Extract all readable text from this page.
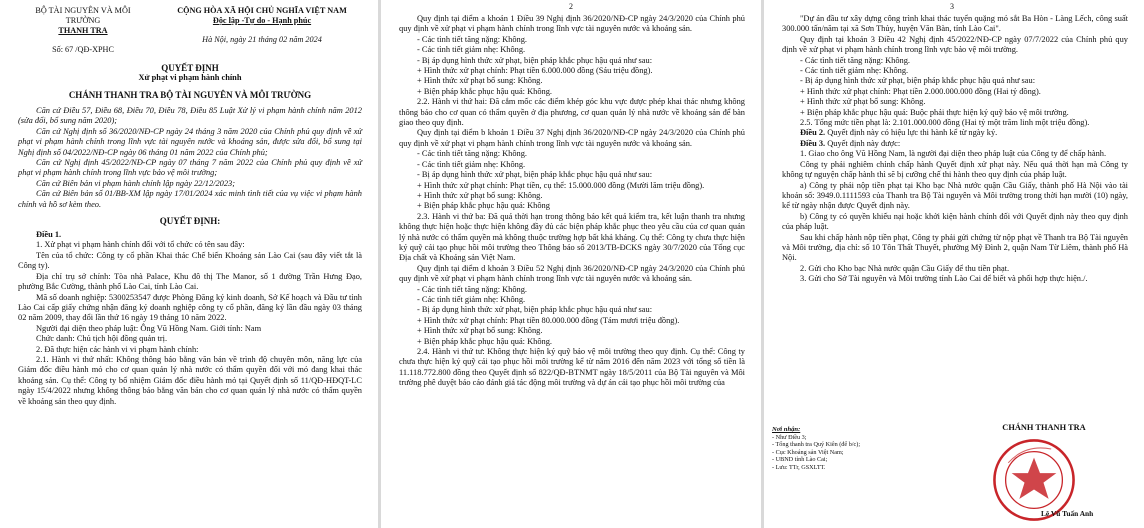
BỘ TÀI NGUYÊN VÀ MÔI TRƯỜNG
THANH TRA
Số: 67 /QĐ-XPHC
CỘNG HÒA XÃ HỘI CHỦ NGHĨA VIỆT NAM
Độc lập -Tự do - Hạnh phúc
Hà Nội, ngày 21 tháng 02 năm 2024
QUYẾT ĐỊNH
Xử phạt vi phạm hành chính
CHÁNH THANH TRA BỘ TÀI NGUYÊN VÀ MÔI TRƯỜNG

Căn cứ Điều 57, Điều 68, Điều 70, Điều 78, Điều 85 Luật Xử lý vi phạm hành chính năm 2012 (sửa đổi, bổ sung năm 2020);

Căn cứ Nghị định số 36/2020/NĐ-CP ngày 24 tháng 3 năm 2020 của Chính phủ quy định về xử phạt vi phạm hành chính trong lĩnh vực tài nguyên nước và khoáng sản, được sửa đổi, bổ sung tại Nghị định số 04/2022/NĐ-CP ngày 06 tháng 01 năm 2022 của Chính phủ;

Căn cứ Nghị định 45/2022/NĐ-CP ngày 07 tháng 7 năm 2022 của Chính phủ quy định về xử phạt vi phạm hành chính trong lĩnh vực bảo vệ môi trường;

Căn cứ Biên bản vi phạm hành chính lập ngày 22/12/2023;

Căn cứ Biên bản số 01/BB-XM lập ngày 17/01/2024 xác minh tình tiết của vụ việc vi phạm hành chính và hồ sơ kèm theo.

QUYẾT ĐỊNH:

Điều 1.

1. Xử phạt vi phạm hành chính đối với tổ chức có tên sau đây:

Tên của tổ chức: Công ty cổ phần Khai thác Chế biến Khoáng sản Lào Cai (sau đây viết tắt là Công ty).

Địa chỉ trụ sở chính: Tòa nhà Palace, Khu đô thị The Manor, số 1 đường Trần Hưng Đạo, phường Bắc Cường, thành phố Lào Cai, tỉnh Lào Cai.

Mã số doanh nghiệp: 5300253547 được Phòng Đăng ký kinh doanh, Sở Kế hoạch và Đầu tư tỉnh Lào Cai cấp giấy chứng nhận đăng ký doanh nghiệp công ty cổ phần, đăng ký lần đầu ngày 03 tháng 02 năm 2009, thay đổi lần thứ 16 ngày 19 tháng 10 năm 2022.

Người đại diện theo pháp luật: Ông Vũ Hồng Nam. Giới tính: Nam

Chức danh: Chủ tịch hội đồng quản trị.

2. Đã thực hiện các hành vi vi phạm hành chính:

2.1. Hành vi thứ nhất: Không thông báo bằng văn bản về trình độ chuyên môn, năng lực của Giám đốc điều hành mỏ cho cơ quan quản lý nhà nước có thẩm quyền đối với mỏ đang khai thác khoáng sản. Cụ thể: Công ty bổ nhiệm Giám đốc điều hành mỏ tại Quyết định số 11/QĐ-HĐQT-LC ngày 15/4/2022 nhưng không thông báo bằng văn bản cho cơ quan quản lý nhà nước có thẩm quyền về khoáng sản theo quy định.

2

Quy định tại điểm a khoản 1 Điều 39 Nghị định 36/2020/NĐ-CP ngày 24/3/2020 của Chính phủ quy định về xử phạt vi phạm hành chính trong lĩnh vực tài nguyên nước và khoáng sản.

- Các tình tiết tăng nặng: Không.

- Các tình tiết giảm nhẹ: Không.

- Bị áp dụng hình thức xử phạt, biện pháp khắc phục hậu quả như sau:

+ Hình thức xử phạt chính: Phạt tiền 6.000.000 đồng (Sáu triệu đồng).

+ Hình thức xử phạt bổ sung: Không.

+ Biện pháp khắc phục hậu quả: Không.

2.2. Hành vi thứ hai: Đã cắm mốc các điểm khép góc khu vực được phép khai thác nhưng không thông báo cho cơ quan có thẩm quyền ở địa phương, cơ quan quản lý nhà nước về khoáng sản để bàn giao theo quy định.

Quy định tại điểm b khoản 1 Điều 37 Nghị định 36/2020/NĐ-CP ngày 24/3/2020 của Chính phủ quy định về xử phạt vi phạm hành chính trong lĩnh vực tài nguyên nước và khoáng sản.

- Các tình tiết tăng nặng: Không.

- Các tình tiết giảm nhẹ: Không.

- Bị áp dụng hình thức xử phạt, biện pháp khắc phục hậu quả như sau:

+ Hình thức xử phạt chính: Phạt tiền, cụ thể: 15.000.000 đồng (Mười lăm triệu đồng).

+ Hình thức xử phạt bổ sung: Không.

+ Biện pháp khắc phục hậu quả: Không

2.3. Hành vi thứ ba: Đã quá thời hạn trong thông báo kết quả kiểm tra, kết luận thanh tra nhưng không thực hiện hoặc thực hiện không đầy đủ các biện pháp khắc phục theo yêu cầu của cơ quan quản lý nhà nước có thẩm quyền mà không thuộc trường hợp bất khả kháng. Cụ thể: Công ty chưa thực hiện ký quỹ cải tạo phục hồi môi trường theo Thông báo số 2013/TB-ĐCKS ngày 30/7/2020 của Tổng cục Địa chất và Khoáng sản Việt Nam.

Quy định tại điểm d khoản 3 Điều 52 Nghị định 36/2020/NĐ-CP ngày 24/3/2020 của Chính phủ quy định về xử phạt vi phạm hành chính trong lĩnh vực tài nguyên nước và khoáng sản.

- Các tình tiết tăng nặng: Không.

- Các tình tiết giảm nhẹ: Không.

- Bị áp dụng hình thức xử phạt, biện pháp khắc phục hậu quả như sau:

+ Hình thức xử phạt chính: Phạt tiền 80.000.000 đồng (Tám mươi triệu đồng).

+ Hình thức xử phạt bổ sung: Không.

+ Biện pháp khắc phục hậu quả: Không.

2.4. Hành vi thứ tư: Không thực hiện ký quỹ bảo vệ môi trường theo quy định. Cụ thể: Công ty chưa thực hiện ký quỹ cải tạo phục hồi môi trường kể từ năm 2016 đến năm 2023 với tổng số tiền là 11.118.772.800 đồng theo Quyết định số 822/QĐ-BTNMT ngày 18/5/2011 của Bộ Tài nguyên và Môi trường phê duyệt báo cáo đánh giá tác động môi trường và dự án cải tạo phục hồi môi trường của

3

"Dự án đầu tư xây dựng công trình khai thác tuyển quặng mỏ sắt Ba Hòn - Làng Lếch, công suất 300.000 tấn/năm tại xã Sơn Thủy, huyện Văn Bàn, tỉnh Lào Cai".

Quy định tại khoản 3 Điều 42 Nghị định 45/2022/NĐ-CP ngày 07/7/2022 của Chính phủ quy định về xử phạt vi phạm hành chính trong lĩnh vực bảo vệ môi trường.

- Các tình tiết tăng nặng: Không.

- Các tình tiết giảm nhẹ: Không.

- Bị áp dụng hình thức xử phạt, biện pháp khắc phục hậu quả như sau:

+ Hình thức xử phạt chính: Phạt tiền 2.000.000.000 đồng (Hai tỷ đồng).

+ Hình thức xử phạt bổ sung: Không.

+ Biện pháp khắc phục hậu quả: Buộc phải thực hiện ký quỹ bảo vệ môi trường.

2.5. Tổng mức tiền phạt là: 2.101.000.000 đồng (Hai tỷ một trăm linh một triệu đồng).

Điều 2. Quyết định này có hiệu lực thi hành kể từ ngày ký.

Điều 3. Quyết định này được:

1. Giao cho ông Vũ Hồng Nam, là người đại diện theo pháp luật của Công ty để chấp hành.

Công ty phải nghiêm chỉnh chấp hành Quyết định xử phạt này. Nếu quá thời hạn mà Công ty không tự nguyện chấp hành thì sẽ bị cưỡng chế thi hành theo quy định của pháp luật.

a) Công ty phải nộp tiền phạt tại Kho bạc Nhà nước quận Cầu Giấy, thành phố Hà Nội vào tài khoản số: 3949.0.1111593 của Thanh tra Bộ Tài nguyên và Môi trường trong thời hạn mười (10) ngày, kể từ ngày nhận được Quyết định này.

b) Công ty có quyền khiếu nại hoặc khởi kiện hành chính đối với Quyết định này theo quy định của pháp luật.

Sau khi chấp hành nộp tiền phạt, Công ty phải gửi chứng từ nộp phạt về Thanh tra Bộ Tài nguyên và Môi trường, địa chỉ: số 10 Tôn Thất Thuyết, phường Mỹ Đình 2, quận Nam Từ Liêm, thành phố Hà Nội.

2. Gửi cho Kho bạc Nhà nước quận Cầu Giấy để thu tiền phạt.

3. Gửi cho Sở Tài nguyên và Môi trường tỉnh Lào Cai để biết và phối hợp thực hiện./.

Nơi nhận:
- Như Điều 3;
- Tổng thanh tra Quý Kiên (để b/c);
- Cục Khoáng sản Việt Nam;
- UBND tỉnh Lào Cai;
- Lưu: TTr, GSXLTT.
CHÁNH THANH TRA
Lê Vũ Tuấn Anh
